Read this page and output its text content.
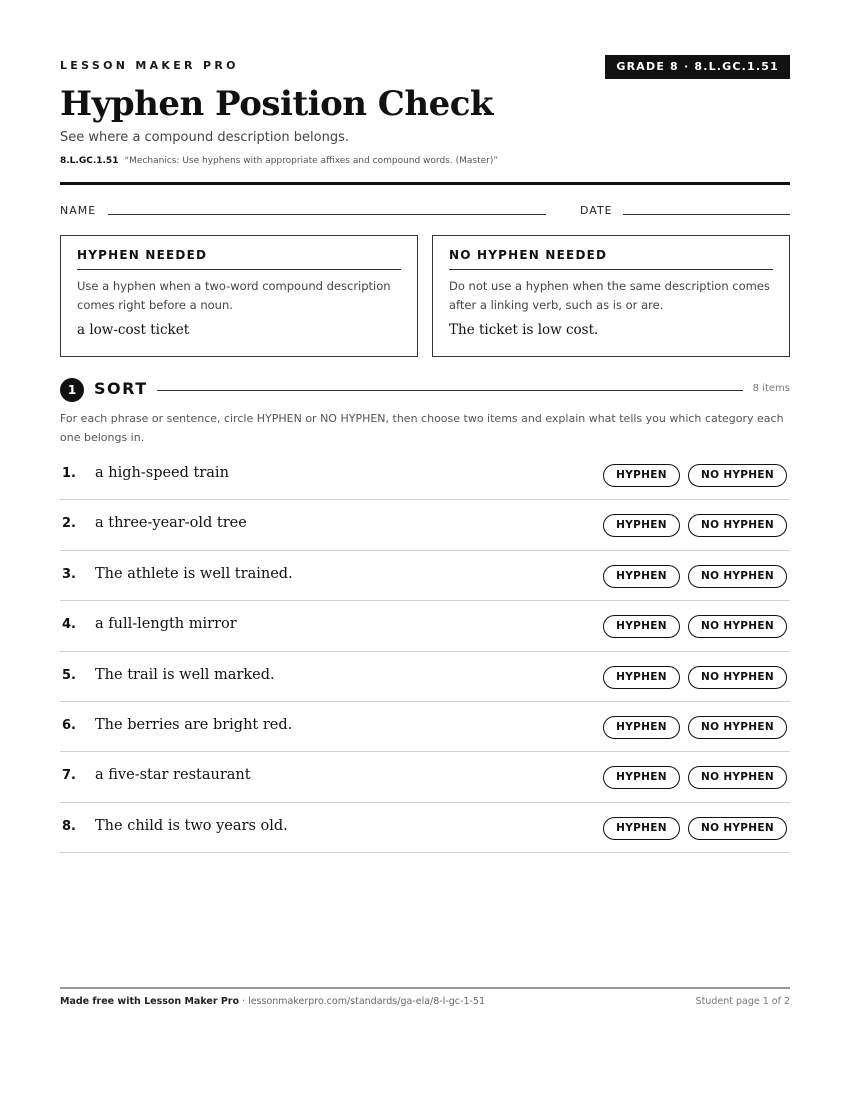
LESSON MAKER PRO	GRADE 8 · 8.L.GC.1.51
Hyphen Position Check
See where a compound description belongs.
8.L.GC.1.51 “Mechanics: Use hyphens with appropriate affixes and compound words. (Master)”
NAME	DATE
HYPHEN NEEDED
Use a hyphen when a two-word compound description comes right before a noun.
a low-cost ticket
NO HYPHEN NEEDED
Do not use a hyphen when the same description comes after a linking verb, such as is or are.
The ticket is low cost.
1	SORT	8 items
For each phrase or sentence, circle HYPHEN or NO HYPHEN, then choose two items and explain what tells you which category each one belongs in.
1. a high-speed train	HYPHEN	NO HYPHEN
2. a three-year-old tree	HYPHEN	NO HYPHEN
3. The athlete is well trained.	HYPHEN	NO HYPHEN
4. a full-length mirror	HYPHEN	NO HYPHEN
5. The trail is well marked.	HYPHEN	NO HYPHEN
6. The berries are bright red.	HYPHEN	NO HYPHEN
7. a five-star restaurant	HYPHEN	NO HYPHEN
8. The child is two years old.	HYPHEN	NO HYPHEN
Made free with Lesson Maker Pro · lessonmakerpro.com/standards/ga-ela/8-l-gc-1-51	Student page 1 of 2
